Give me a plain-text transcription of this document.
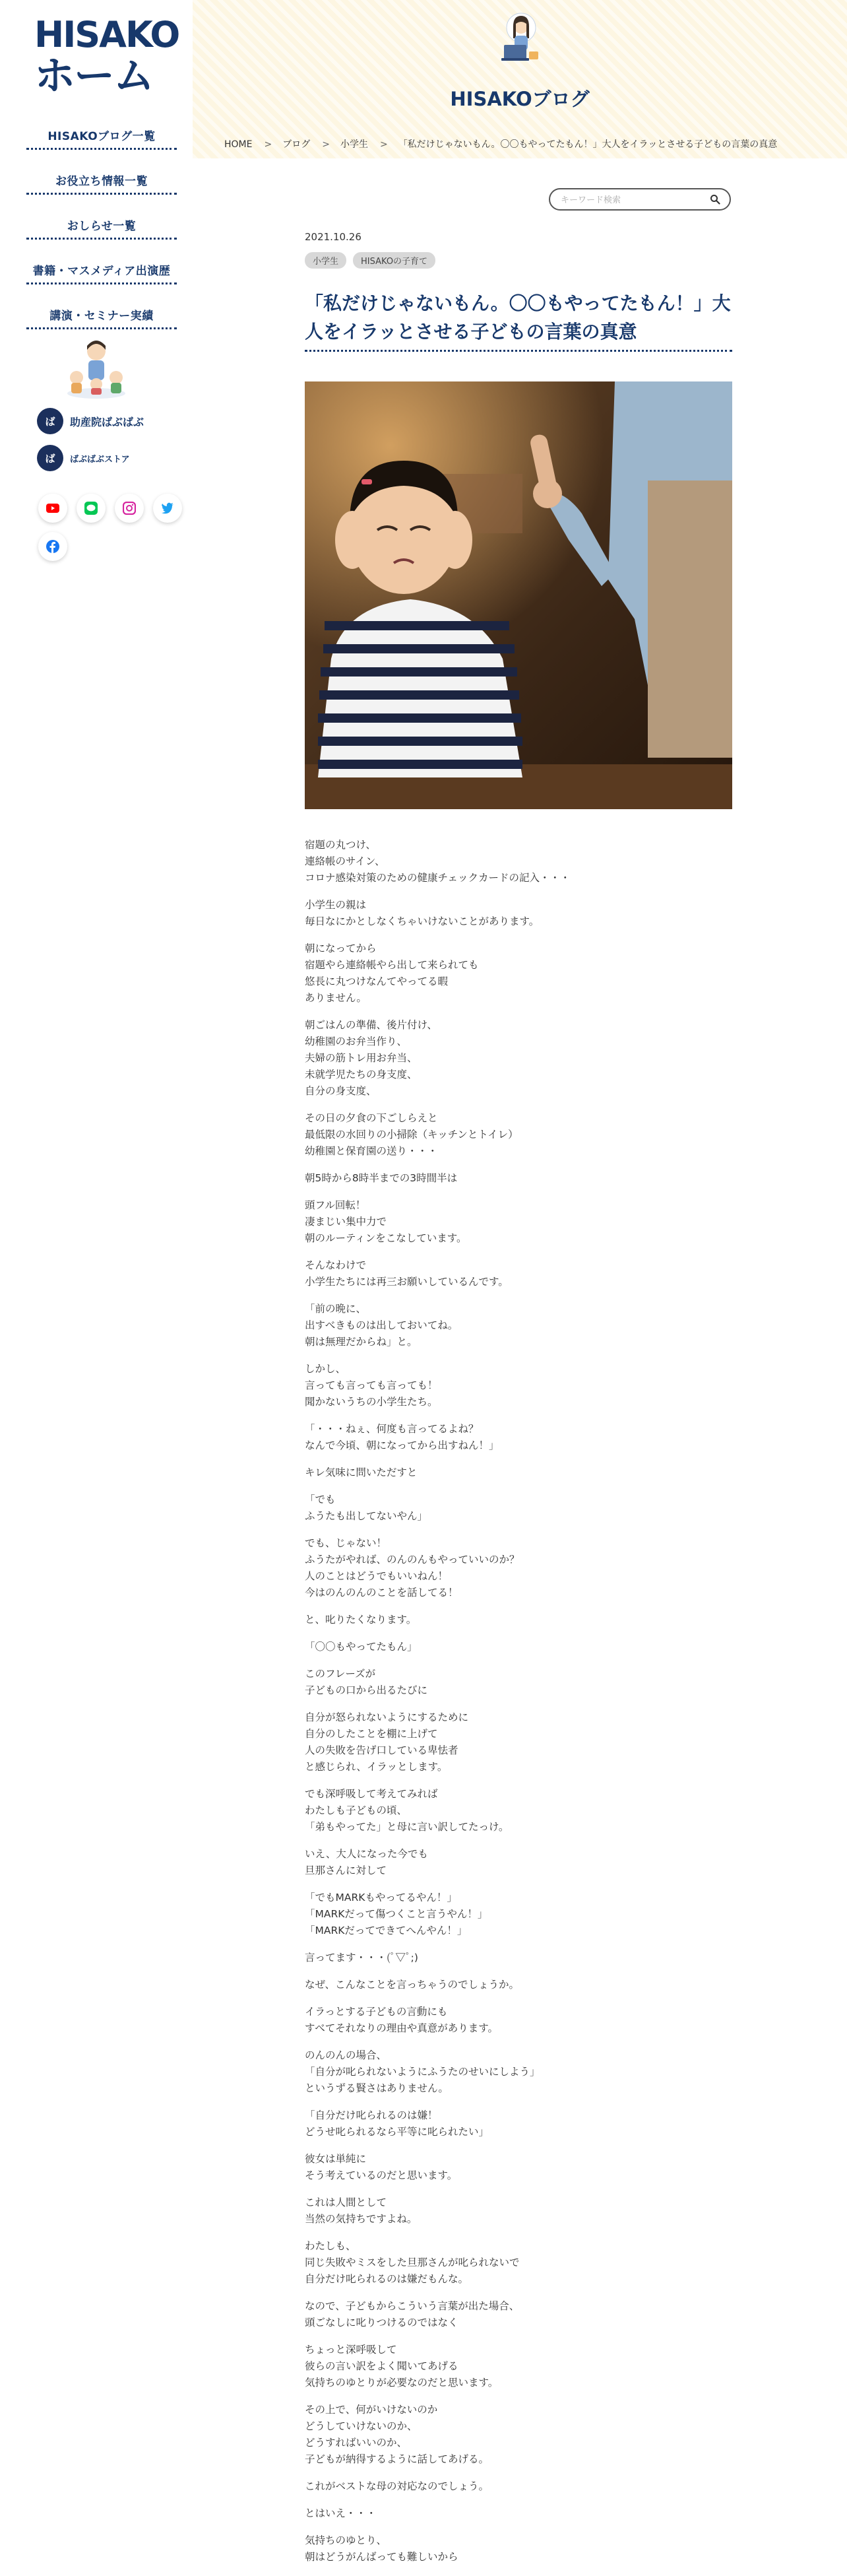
HISAKO
ホーム
HISAKOブログ一覧
お役立ち情報一覧
おしらせ一覧
書籍・マスメディア出演歴
講演・セミナー実績
ば	助産院ばぶばぶ
ば	ばぶばぶストア
HISAKOブログ
HOME > ブログ > 小学生 > 「私だけじゃないもん。〇〇もやってたもん！」大人をイラッとさせる子どもの言葉の真意
キーワード検索
2021.10.26
小学生	HISAKOの子育て
「私だけじゃないもん。〇〇もやってたもん！」大人をイラッとさせる子どもの言葉の真意

宿題の丸つけ、
連絡帳のサイン、
コロナ感染対策のための健康チェックカードの記入・・・

小学生の親は
毎日なにかとしなくちゃいけないことがあります。

朝になってから
宿題やら連絡帳やら出して来られても
悠長に丸つけなんてやってる暇
ありません。

朝ごはんの準備、後片付け、
幼稚園のお弁当作り、
夫婦の筋トレ用お弁当、
未就学児たちの身支度、
自分の身支度、

その日の夕食の下ごしらえと
最低限の水回りの小掃除（キッチンとトイレ）
幼稚園と保育園の送り・・・

朝5時から8時半までの3時間半は

頭フル回転！
凄まじい集中力で
朝のルーティンをこなしています。

そんなわけで
小学生たちには再三お願いしているんです。

「前の晩に、
出すべきものは出しておいてね。
朝は無理だからね」と。

しかし、
言っても言っても言っても！
聞かないうちの小学生たち。

「・・・ねぇ、何度も言ってるよね？
なんで今頃、朝になってから出すねん！」

キレ気味に問いただすと

「でも
ふうたも出してないやん」

でも、じゃない！
ふうたがやれば、のんのんもやっていいのか？
人のことはどうでもいいねん！
今はのんのんのことを話してる！

と、叱りたくなります。

「〇〇もやってたもん」

このフレーズが
子どもの口から出るたびに

自分が怒られないようにするために
自分のしたことを棚に上げて
人の失敗を告げ口している卑怯者
と感じられ、イラッとします。

でも深呼吸して考えてみれば
わたしも子どもの頃、
「弟もやってた」と母に言い訳してたっけ。

いえ、大人になった今でも
旦那さんに対して

「でもMARKもやってるやん！」
「MARKだって傷つくこと言うやん！」
「MARKだってできてへんやん！」

言ってます・・・(ﾟ▽ﾟ;)

なぜ、こんなことを言っちゃうのでしょうか。

イラっとする子どもの言動にも
すべてそれなりの理由や真意があります。

のんのんの場合、
「自分が叱られないようにふうたのせいにしよう」
というずる賢さはありません。

「自分だけ叱られるのは嫌！
どうせ叱られるなら平等に叱られたい」

彼女は単純に
そう考えているのだと思います。

これは人間として
当然の気持ちですよね。

わたしも、
同じ失敗やミスをした旦那さんが叱られないで
自分だけ叱られるのは嫌だもんな。

なので、子どもからこういう言葉が出た場合、
頭ごなしに叱りつけるのではなく

ちょっと深呼吸して
彼らの言い訳をよく聞いてあげる
気持ちのゆとりが必要なのだと思います。

その上で、何がいけないのか
どうしていけないのか、
どうすればいいのか、
子どもが納得するように話してあげる。

これがベストな母の対応なのでしょう。

とはいえ・・・

気持ちのゆとり、
朝はどうがんばっても難しいから
